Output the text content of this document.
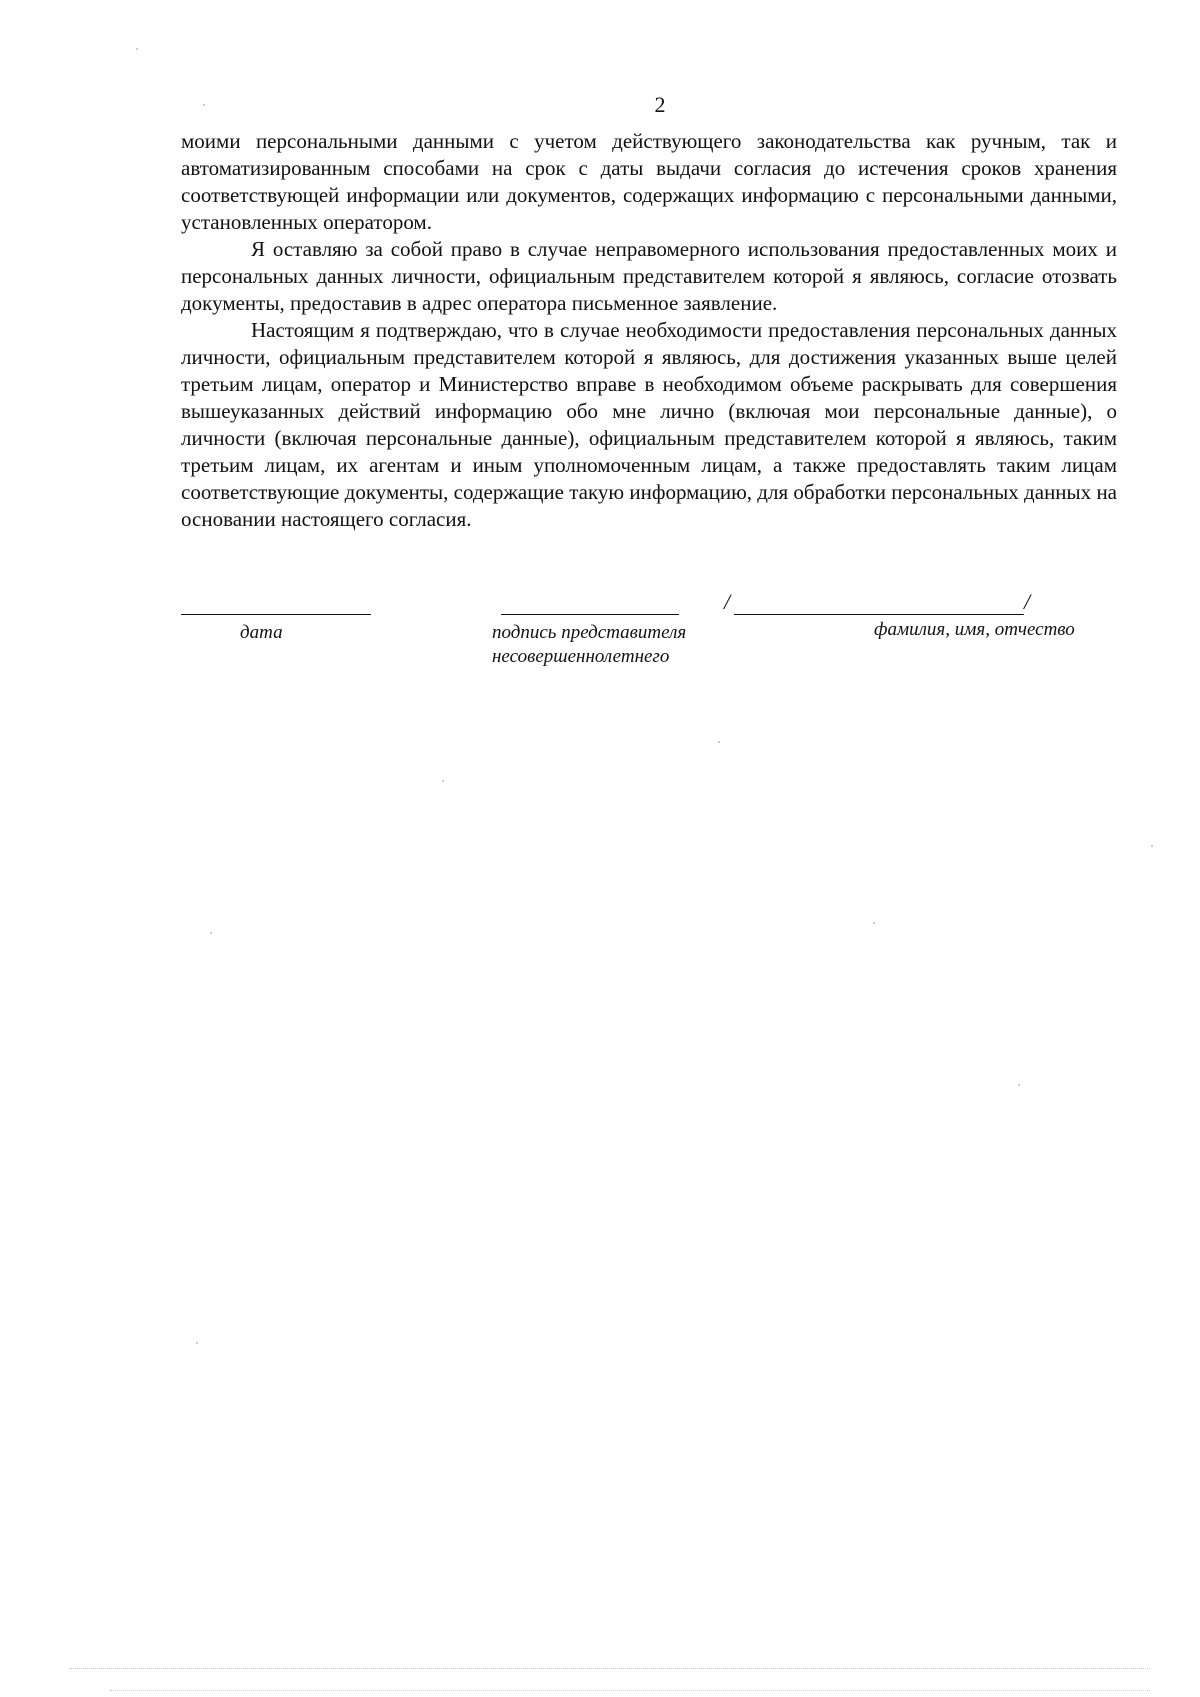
2

моими персональными данными с учетом действующего законодательства как ручным, так и автоматизированным способами на срок с даты выдачи согласия до истечения сроков хранения соответствующей информации или документов, содержащих информацию с персональными данными, установленных оператором.

Я оставляю за собой право в случае неправомерного использования предоставленных моих и персональных данных личности, официальным представителем которой я являюсь, согласие отозвать документы, предоставив в адрес оператора письменное заявление.

Настоящим я подтверждаю, что в случае необходимости предоставления персональных данных личности, официальным представителем которой я являюсь, для достижения указанных выше целей третьим лицам, оператор и Министерство вправе в необходимом объеме раскрывать для совершения вышеуказанных действий информацию обо мне лично (включая мои персональные данные), о личности (включая персональные данные), официальным представителем которой я являюсь, таким третьим лицам, их агентам и иным уполномоченным лицам, а также предоставлять таким лицам соответствующие документы, содержащие такую информацию, для обработки персональных данных на основании настоящего согласия.

/	/
дата	подпись представителя
несовершеннолетнего
фамилия, имя, отчество
